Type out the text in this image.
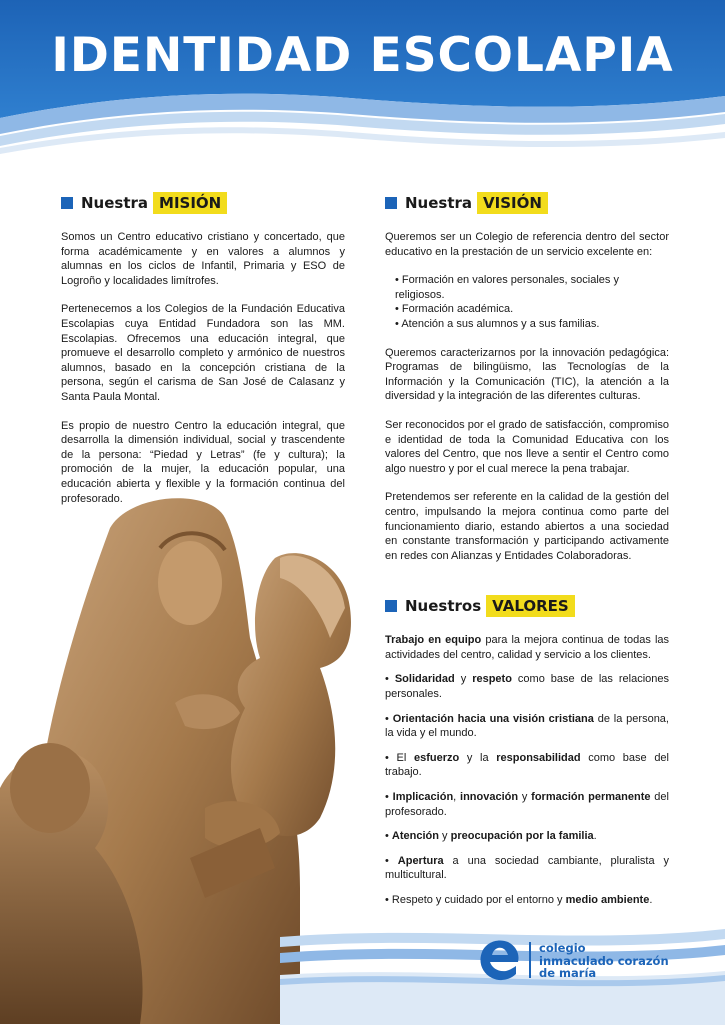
IDENTIDAD ESCOLAPIA
Nuestra MISIÓN

Somos un Centro educativo cristiano y concertado, que forma académicamente y en valores a alumnos y alumnas en los ciclos de Infantil, Primaria y ESO de Logroño y localidades limítrofes.

Pertenecemos a los Colegios de la Fundación Educativa Escolapias cuya Entidad Fundadora son las MM. Escolapias. Ofrecemos una educación integral, que promueve el desarrollo completo y armónico de nuestros alumnos, basado en la concepción cristiana de la persona, según el carisma de San José de Calasanz y Santa Paula Montal.

Es propio de nuestro Centro la educación integral, que desarrolla la dimensión individual, social y trascendente de la persona: “Piedad y Letras” (fe y cultura); la promoción de la mujer, la educación popular, una educación abierta y flexible y la formación continua del profesorado.

Nuestra VISIÓN

Queremos ser un Colegio de referencia dentro del sector educativo en la prestación de un servicio excelente en:

• Formación en valores personales, sociales y religiosos.
• Formación académica.
• Atención a sus alumnos y a sus familias.

Queremos caracterizarnos por la innovación pedagógica: Programas de bilingüismo, las Tecnologías de la Información y la Comunicación (TIC), la atención a la diversidad y la integración de las diferentes culturas.

Ser reconocidos por el grado de satisfacción, compromiso e identidad de toda la Comunidad Educativa con los valores del Centro, que nos lleve a sentir el Centro como algo nuestro y por el cual merece la pena trabajar.

Pretendemos ser referente en la calidad de la gestión del centro, impulsando la mejora continua como parte del funcionamiento diario, estando abiertos a una sociedad en constante transformación y participando activamente en redes con Alianzas y Entidades Colaboradoras.

Nuestros VALORES
Trabajo en equipo para la mejora continua de todas las actividades del centro, calidad y servicio a los clientes.
• Solidaridad y respeto como base de las relaciones personales.
• Orientación hacia una visión cristiana de la persona, la vida y el mundo.
• El esfuerzo y la responsabilidad como base del trabajo.
• Implicación, innovación y formación permanente del profesorado.
• Atención y preocupación por la familia.
• Apertura a una sociedad cambiante, pluralista y multicultural.
• Respeto y cuidado por el entorno y medio ambiente.
colegio
inmaculado corazón
de maría
